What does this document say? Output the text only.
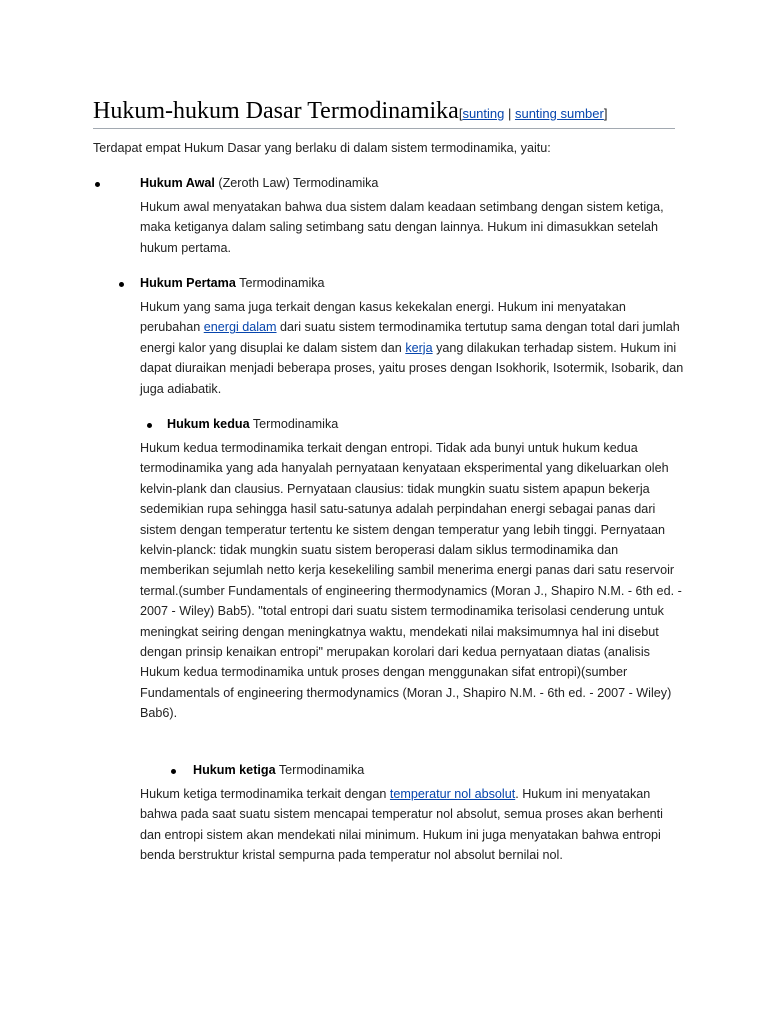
Hukum-hukum Dasar Termodinamika[sunting | sunting sumber]
Terdapat empat Hukum Dasar yang berlaku di dalam sistem termodinamika, yaitu:
Hukum Awal (Zeroth Law) Termodinamika
Hukum awal menyatakan bahwa dua sistem dalam keadaan setimbang dengan sistem ketiga, maka ketiganya dalam saling setimbang satu dengan lainnya. Hukum ini dimasukkan setelah hukum pertama.
Hukum Pertama Termodinamika
Hukum yang sama juga terkait dengan kasus kekekalan energi. Hukum ini menyatakan perubahan energi dalam dari suatu sistem termodinamika tertutup sama dengan total dari jumlah energi kalor yang disuplai ke dalam sistem dan kerja yang dilakukan terhadap sistem. Hukum ini dapat diuraikan menjadi beberapa proses, yaitu proses dengan Isokhorik, Isotermik, Isobarik, dan juga adiabatik.
Hukum kedua Termodinamika
Hukum kedua termodinamika terkait dengan entropi. Tidak ada bunyi untuk hukum kedua termodinamika yang ada hanyalah pernyataan kenyataan eksperimental yang dikeluarkan oleh kelvin-plank dan clausius. Pernyataan clausius: tidak mungkin suatu sistem apapun bekerja sedemikian rupa sehingga hasil satu-satunya adalah perpindahan energi sebagai panas dari sistem dengan temperatur tertentu ke sistem dengan temperatur yang lebih tinggi. Pernyataan kelvin-planck: tidak mungkin suatu sistem beroperasi dalam siklus termodinamika dan memberikan sejumlah netto kerja kesekeliling sambil menerima energi panas dari satu reservoir termal.(sumber Fundamentals of engineering thermodynamics (Moran J., Shapiro N.M. - 6th ed. - 2007 - Wiley) Bab5). "total entropi dari suatu sistem termodinamika terisolasi cenderung untuk meningkat seiring dengan meningkatnya waktu, mendekati nilai maksimumnya hal ini disebut dengan prinsip kenaikan entropi" merupakan korolari dari kedua pernyataan diatas (analisis Hukum kedua termodinamika untuk proses dengan menggunakan sifat entropi)(sumber Fundamentals of engineering thermodynamics (Moran J., Shapiro N.M. - 6th ed. - 2007 - Wiley) Bab6).
Hukum ketiga Termodinamika
Hukum ketiga termodinamika terkait dengan temperatur nol absolut. Hukum ini menyatakan bahwa pada saat suatu sistem mencapai temperatur nol absolut, semua proses akan berhenti dan entropi sistem akan mendekati nilai minimum. Hukum ini juga menyatakan bahwa entropi benda berstruktur kristal sempurna pada temperatur nol absolut bernilai nol.
